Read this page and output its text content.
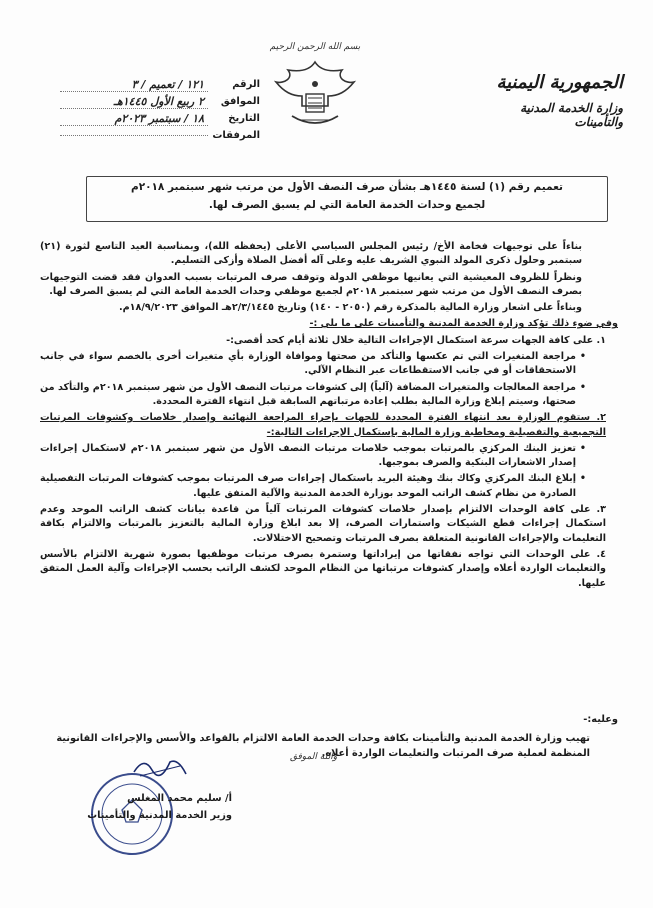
بسم الله الرحمن الرحيم
الجمهورية اليمنية
وزارة الخدمة المدنية والتأمينات
الرقم
١٢١ / تعميم / ٣
الموافق
٢ ربيع الأول ١٤٤٥هـ
التاريخ
١٨ / سبتمبر ٢٠٢٣م
المرفقات
تعميم رقم (١) لسنة ١٤٤٥هـ بشأن صرف النصف الأول من مرتب شهر سبتمبر ٢٠١٨م
لجميع وحدات الخدمة العامة التي لم يسبق الصرف لها.

بناءاً على توجيهات فخامة الأخ/ رئيس المجلس السياسي الأعلى (يحفظه الله)، وبمناسبة العيد التاسع لثورة (٢١) سبتمبر وحلول ذكرى المولد النبوي الشريف عليه وعلى آله أفضل الصلاة وأزكى التسليم.

ونظراً للظروف المعيشية التي يعانيها موظفي الدولة وتوقف صرف المرتبات بسبب العدوان فقد قضت التوجيهات بصرف النصف الأول من مرتب شهر سبتمبر ٢٠١٨م لجميع موظفي وحدات الخدمة العامة التي لم يسبق الصرف لها.

وبناءاً على اشعار وزارة المالية بالمذكرة رقم (٢٠٥٠ - ١٤٠) وتاريخ ٢/٣/١٤٤٥هـ الموافق ١٨/٩/٢٠٢٣م.

وفي ضوء ذلك تؤكد وزارة الخدمة المدنية والتأمينات على ما يلي :-

١. على كافة الجهات سرعة استكمال الإجراءات التالية خلال ثلاثة أيام كحد أقصى:-

• مراجعة المتغيرات التي تم عكسها والتأكد من صحتها وموافاة الوزارة بأي متغيرات أخرى بالخصم سواء في جانب الاستحقاقات أو في جانب الاستقطاعات عبر النظام الآلي.

• مراجعة المعالجات والمتغيرات المضافة (آلياً) إلى كشوفات مرتبات النصف الأول من شهر سبتمبر ٢٠١٨م والتأكد من صحتها، وسيتم إبلاغ وزارة المالية بطلب إعادة مرتباتهم السابقة قبل انتهاء الفترة المحددة.

٢. ستقوم الوزارة بعد انتهاء الفترة المحددة للجهات بإجراء المراجعة النهائية وإصدار خلاصات وكشوفات المرتبات التجميعية والتفصيلية ومخاطبة وزارة المالية بإستكمال الإجراءات التالية:-

• تعزيز البنك المركزي بالمرتبات بموجب خلاصات مرتبات النصف الأول من شهر سبتمبر ٢٠١٨م لاستكمال إجراءات إصدار الاشعارات البنكية والصرف بموجبها.

• إبلاغ البنك المركزي وكاك بنك وهيئة البريد باستكمال إجراءات صرف المرتبات بموجب كشوفات المرتبات التفصيلية الصادرة من نظام كشف الراتب الموحد بوزارة الخدمة المدنية والآلية المتفق عليها.

٣. على كافة الوحدات الالتزام بإصدار خلاصات كشوفات المرتبات آلياً من قاعدة بيانات كشف الراتب الموحد وعدم استكمال إجراءات قطع الشيكات واستمارات الصرف، إلا بعد ابلاغ وزارة المالية بالتعزيز بالمرتبات والالتزام بكافة التعليمات والإجراءات القانونية المتعلقة بصرف المرتبات وتصحيح الاختلالات.

٤. على الوحدات التي تواجه نفقاتها من إيراداتها وستمرة بصرف مرتبات موظفيها بصورة شهرية الالتزام بالأسس والتعليمات الواردة أعلاه وإصدار كشوفات مرتباتها من النظام الموحد لكشف الراتب بحسب الإجراءات وآلية العمل المتفق عليها.

وعليه:-
تهيب وزارة الخدمة المدنية والتأمينات بكافة وحدات الخدمة العامة الالتزام بالقواعد والأسس والإجراءات القانونية المنظمة لعملية صرف المرتبات والتعليمات الواردة أعلاه.
والله الموفق
أ/ سليم محمد المغلس
وزير الخدمة المدنية والتأمينات
